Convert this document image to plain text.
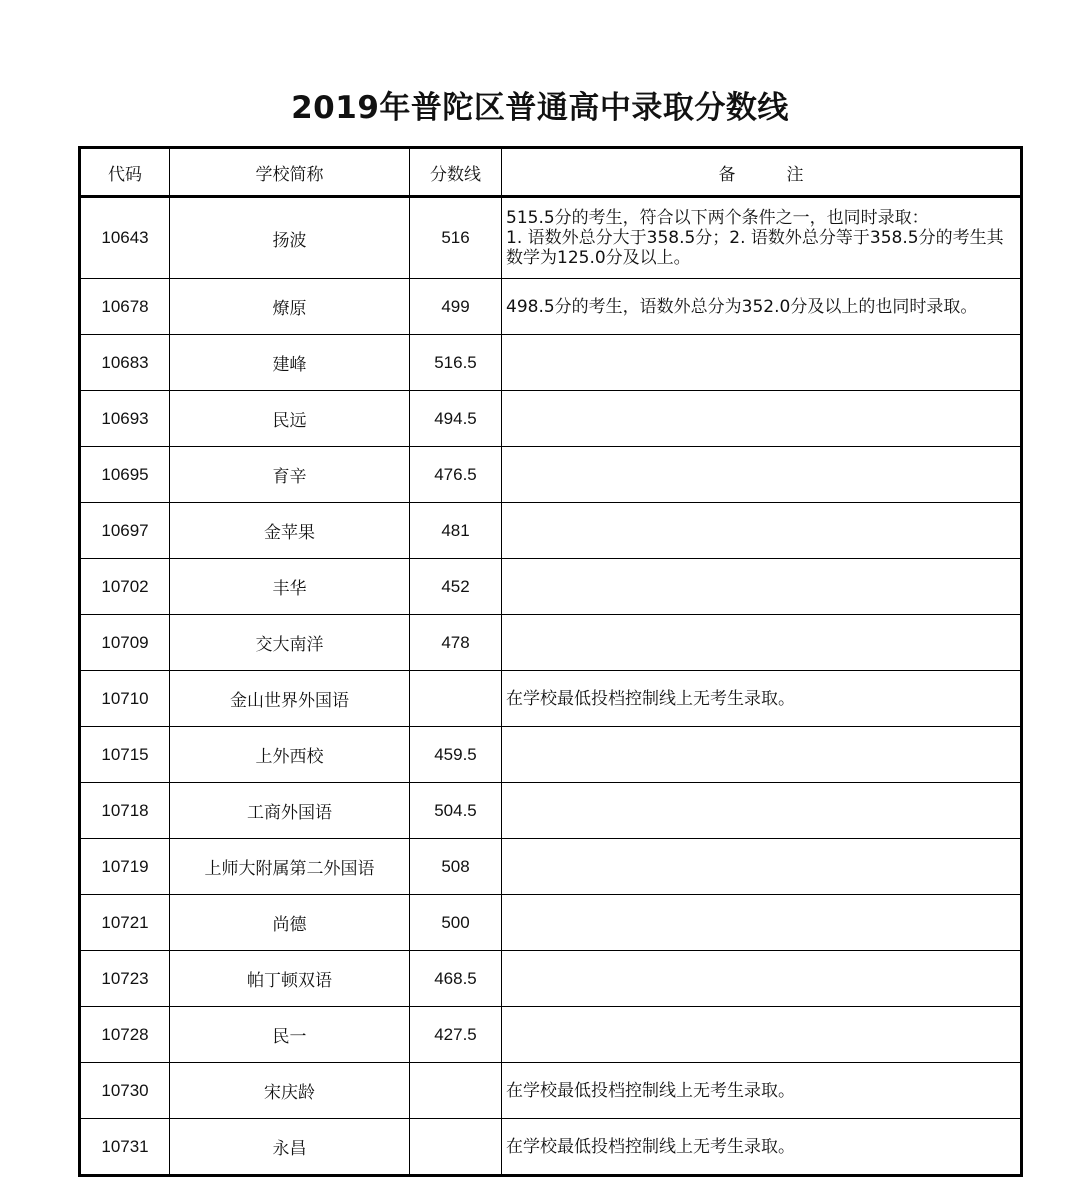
2019年普陀区普通高中录取分数线
代码	学校简称	分数线	备　　　注
10643	扬波	516	515.5分的考生，符合以下两个条件之一，也同时录取：
1. 语数外总分大于358.5分；2. 语数外总分等于358.5分的考生其数学为125.0分及以上。
10678	燎原	499	498.5分的考生，语数外总分为352.0分及以上的也同时录取。
10683	建峰	516.5	
10693	民远	494.5	
10695	育辛	476.5	
10697	金苹果	481	
10702	丰华	452	
10709	交大南洋	478	
10710	金山世界外国语		在学校最低投档控制线上无考生录取。
10715	上外西校	459.5	
10718	工商外国语	504.5	
10719	上师大附属第二外国语	508	
10721	尚德	500	
10723	帕丁顿双语	468.5	
10728	民一	427.5	
10730	宋庆龄		在学校最低投档控制线上无考生录取。
10731	永昌		在学校最低投档控制线上无考生录取。
